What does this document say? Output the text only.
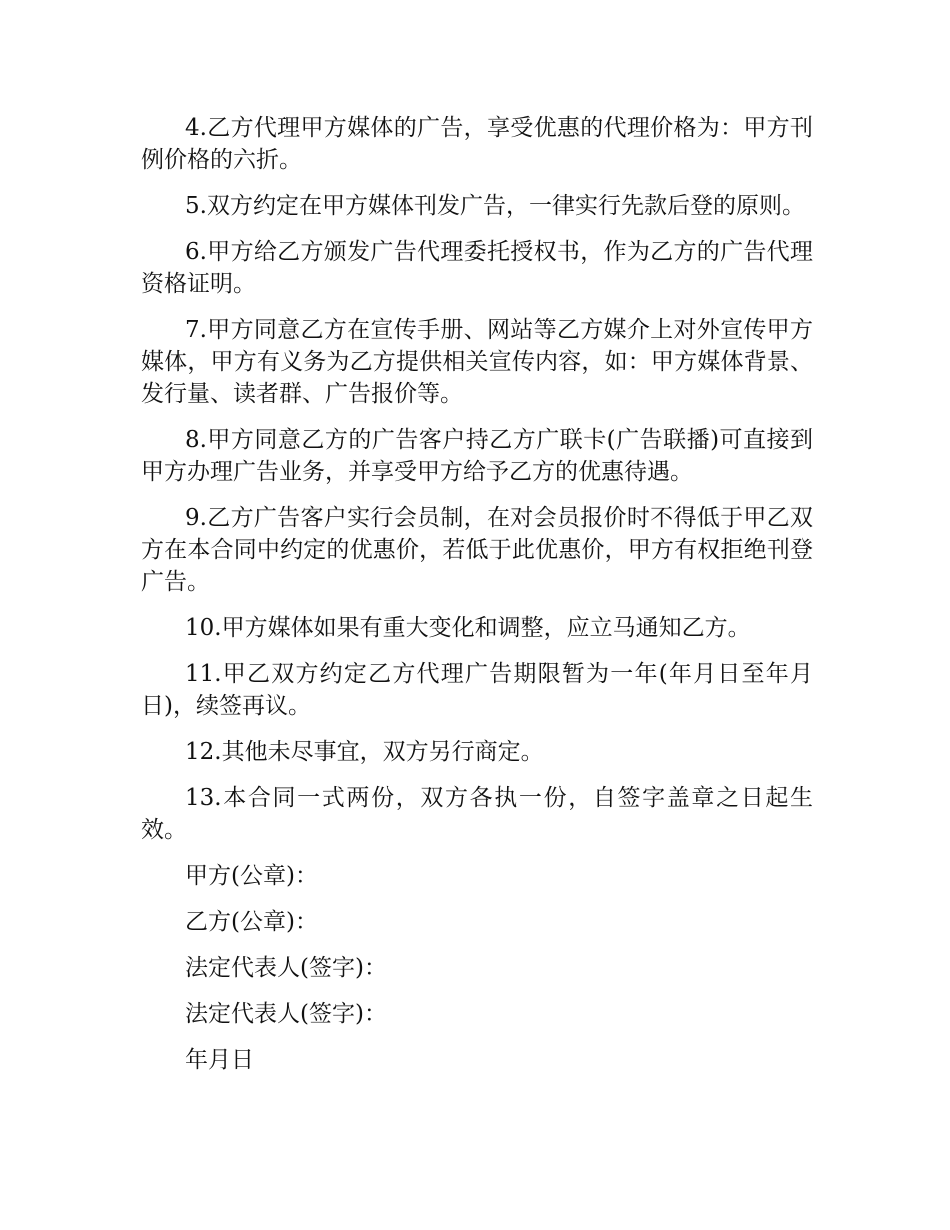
4.乙方代理甲方媒体的广告，享受优惠的代理价格为：甲方刊例价格的六折。

5.双方约定在甲方媒体刊发广告，一律实行先款后登的原则。

6.甲方给乙方颁发广告代理委托授权书，作为乙方的广告代理资格证明。

7.甲方同意乙方在宣传手册、网站等乙方媒介上对外宣传甲方媒体，甲方有义务为乙方提供相关宣传内容，如：甲方媒体背景、发行量、读者群、广告报价等。

8.甲方同意乙方的广告客户持乙方广联卡(广告联播)可直接到甲方办理广告业务，并享受甲方给予乙方的优惠待遇。

9.乙方广告客户实行会员制，在对会员报价时不得低于甲乙双方在本合同中约定的优惠价，若低于此优惠价，甲方有权拒绝刊登广告。

10.甲方媒体如果有重大变化和调整，应立马通知乙方。

11.甲乙双方约定乙方代理广告期限暂为一年(年月日至年月日)，续签再议。

12.其他未尽事宜，双方另行商定。

13.本合同一式两份，双方各执一份，自签字盖章之日起生效。

甲方(公章)：

乙方(公章)：

法定代表人(签字)：

法定代表人(签字)：

年月日
